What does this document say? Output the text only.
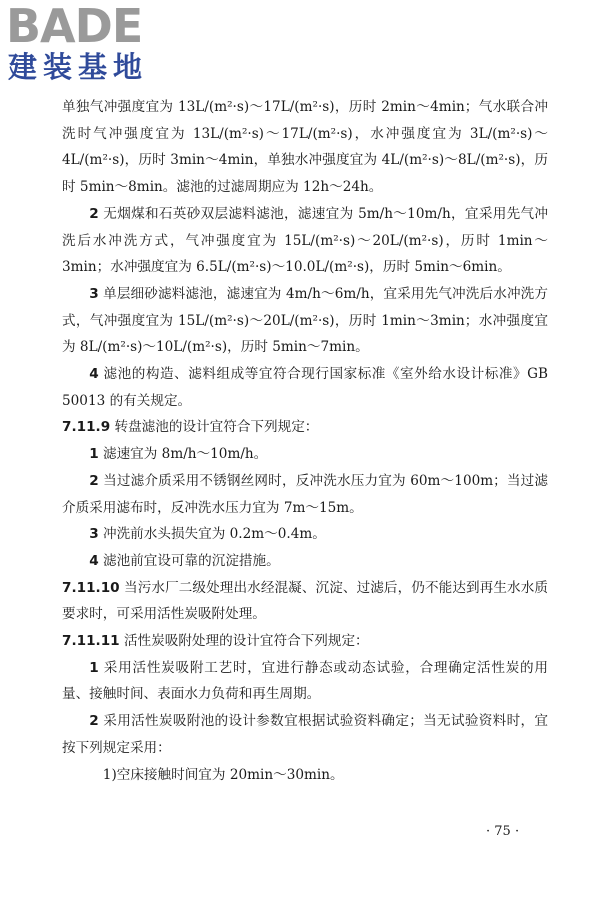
BADE
建装基地

单独气冲强度宜为 13L/(m²·s)～17L/(m²·s)，历时 2min～4min；气水联合冲洗时气冲强度宜为 13L/(m²·s)～17L/(m²·s)，水冲强度宜为 3L/(m²·s)～4L/(m²·s)，历时 3min～4min，单独水冲强度宜为 4L/(m²·s)～8L/(m²·s)，历时 5min～8min。滤池的过滤周期应为 12h～24h。

2 无烟煤和石英砂双层滤料滤池，滤速宜为 5m/h～10m/h，宜采用先气冲洗后水冲洗方式，气冲强度宜为 15L/(m²·s)～20L/(m²·s)，历时 1min～3min；水冲强度宜为 6.5L/(m²·s)～10.0L/(m²·s)，历时 5min～6min。

3 单层细砂滤料滤池，滤速宜为 4m/h～6m/h，宜采用先气冲洗后水冲洗方式，气冲强度宜为 15L/(m²·s)～20L/(m²·s)，历时 1min～3min；水冲强度宜为 8L/(m²·s)～10L/(m²·s)，历时 5min～7min。

4 滤池的构造、滤料组成等宜符合现行国家标准《室外给水设计标准》GB 50013 的有关规定。

7.11.9 转盘滤池的设计宜符合下列规定：

1 滤速宜为 8m/h～10m/h。

2 当过滤介质采用不锈钢丝网时，反冲洗水压力宜为 60m～100m；当过滤介质采用滤布时，反冲洗水压力宜为 7m～15m。

3 冲洗前水头损失宜为 0.2m～0.4m。

4 滤池前宜设可靠的沉淀措施。

7.11.10 当污水厂二级处理出水经混凝、沉淀、过滤后，仍不能达到再生水水质要求时，可采用活性炭吸附处理。

7.11.11 活性炭吸附处理的设计宜符合下列规定：

1 采用活性炭吸附工艺时，宜进行静态或动态试验，合理确定活性炭的用量、接触时间、表面水力负荷和再生周期。

2 采用活性炭吸附池的设计参数宜根据试验资料确定；当无试验资料时，宜按下列规定采用：

1)空床接触时间宜为 20min～30min。

· 75 ·
